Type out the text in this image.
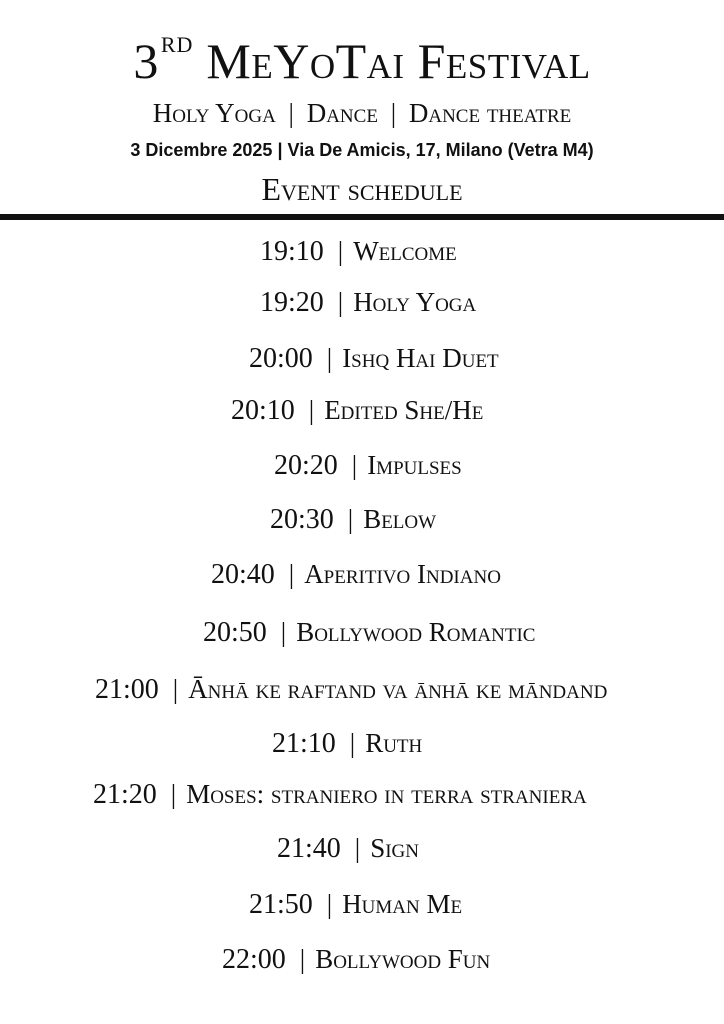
3RD MeYoTai Festival
Holy Yoga | Dance | Dance theatre
3 Dicembre 2025 | Via De Amicis, 17, Milano (Vetra M4)
Event schedule
19:10 | Welcome
19:20 | Holy Yoga
20:00 | Ishq Hai Duet
20:10 | Edited She/He
20:20 | Impulses
20:30 | Below
20:40 | Aperitivo Indiano
20:50 | Bollywood Romantic
21:00 | Ānhā ke raftand va ānhā ke māndand
21:10 | Ruth
21:20 | Moses: straniero in terra straniera
21:40 | Sign
21:50 | Human Me
22:00 | Bollywood Fun
